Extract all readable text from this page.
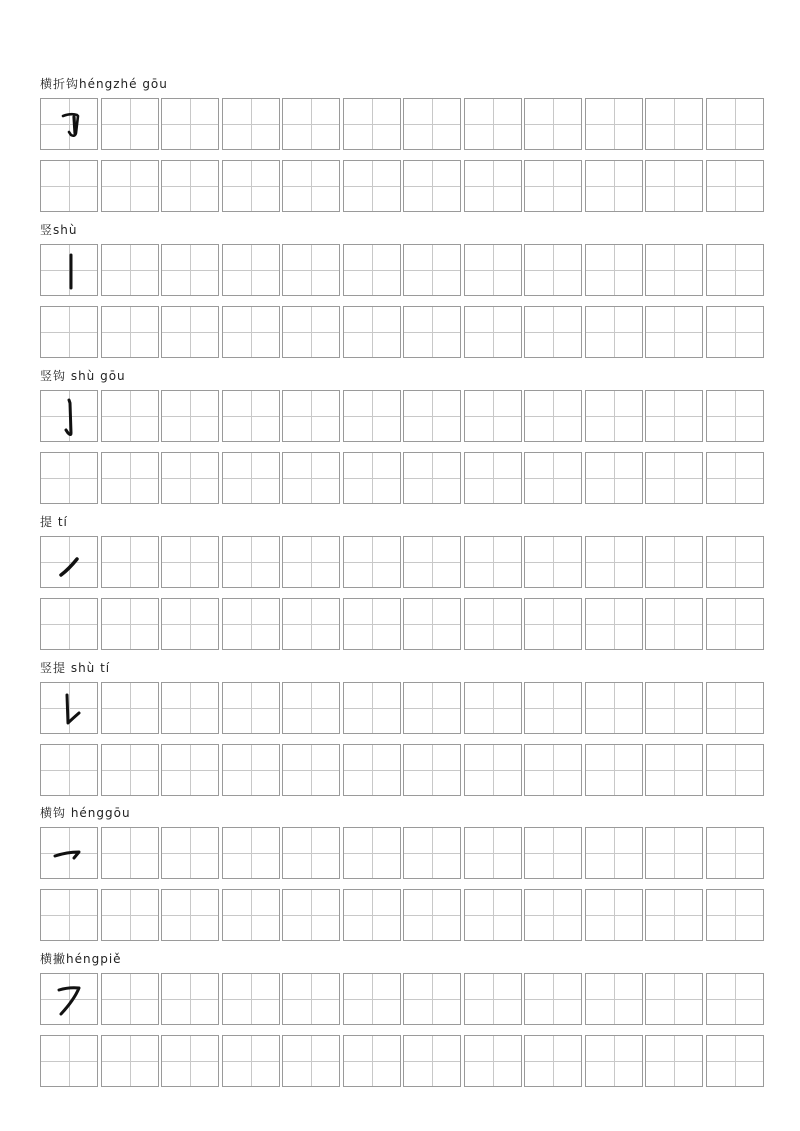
横折钩héngzhé gōu
竖shù
竖钩 shù gōu
提 tí
竖提 shù tí
横钩 hénggōu
横撇héngpiě
